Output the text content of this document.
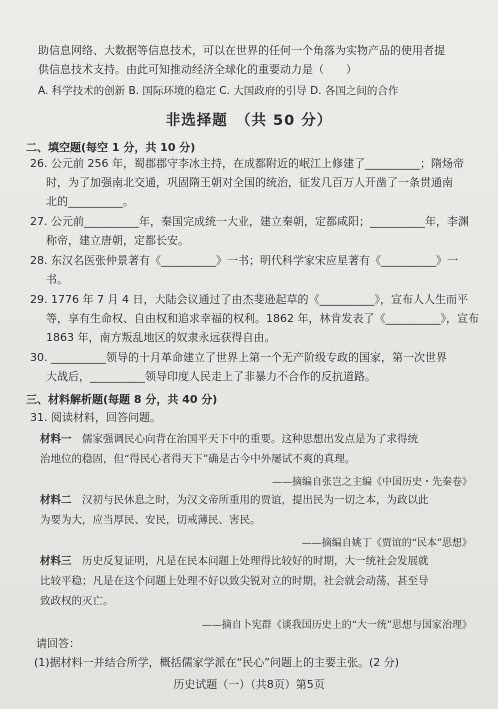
助信息网络、大数据等信息技术，可以在世界的任何一个角落为实物产品的使用者提
供信息技术支持。由此可知推动经济全球化的重要动力是（　　）
A. 科学技术的创新 B. 国际环境的稳定 C. 大国政府的引导 D. 各国之间的合作
非选择题　（共 50 分）
二、填空题(每空 1 分，共 10 分)
26. 公元前 256 年，蜀郡郡守李冰主持，在成都附近的岷江上修建了__________；隋炀帝
时，为了加强南北交通，巩固隋王朝对全国的统治，征发几百万人开凿了一条贯通南
北的__________。
27. 公元前__________年，秦国完成统一大业，建立秦朝，定都咸阳；__________年，李渊
称帝，建立唐朝，定都长安。
28. 东汉名医张仲景著有《__________》一书；明代科学家宋应星著有《__________》一
书。
29. 1776 年 7 月 4 日，大陆会议通过了由杰斐逊起草的《__________》，宣布人人生而平
等，享有生命权、自由权和追求幸福的权利。1862 年，林肯发表了《__________》，宣布
1863 年，南方叛乱地区的奴隶永远获得自由。
30. __________领导的十月革命建立了世界上第一个无产阶级专政的国家，第一次世界
大战后，__________领导印度人民走上了非暴力不合作的反抗道路。
三、材料解析题(每题 8 分，共 40 分)
31. 阅读材料，回答问题。
材料一　儒家强调民心向背在治国平天下中的重要。这种思想出发点是为了求得统
治地位的稳固，但“得民心者得天下”确是古今中外屡试不爽的真理。
——摘编自张岂之主编《中国历史・先秦卷》
材料二　汉初与民休息之时，为汉文帝所重用的贾谊，提出民为一切之本，为政以此
为要为大，应当厚民、安民，切戒薄民、害民。
——摘编自姚丁《贾谊的“民本”思想》
材料三　历史反复证明，凡是在民本问题上处理得比较好的时期，大一统社会发展就
比较平稳；凡是在这个问题上处理不好以致尖锐对立的时期，社会就会动荡，甚至导
致政权的灭亡。
——摘自卜宪群《谈我国历史上的“大一统”思想与国家治理》
请回答：
(1)据材料一并结合所学，概括儒家学派在“民心”问题上的主要主张。(2 分)
历史试题（一）（共8页）第5页
